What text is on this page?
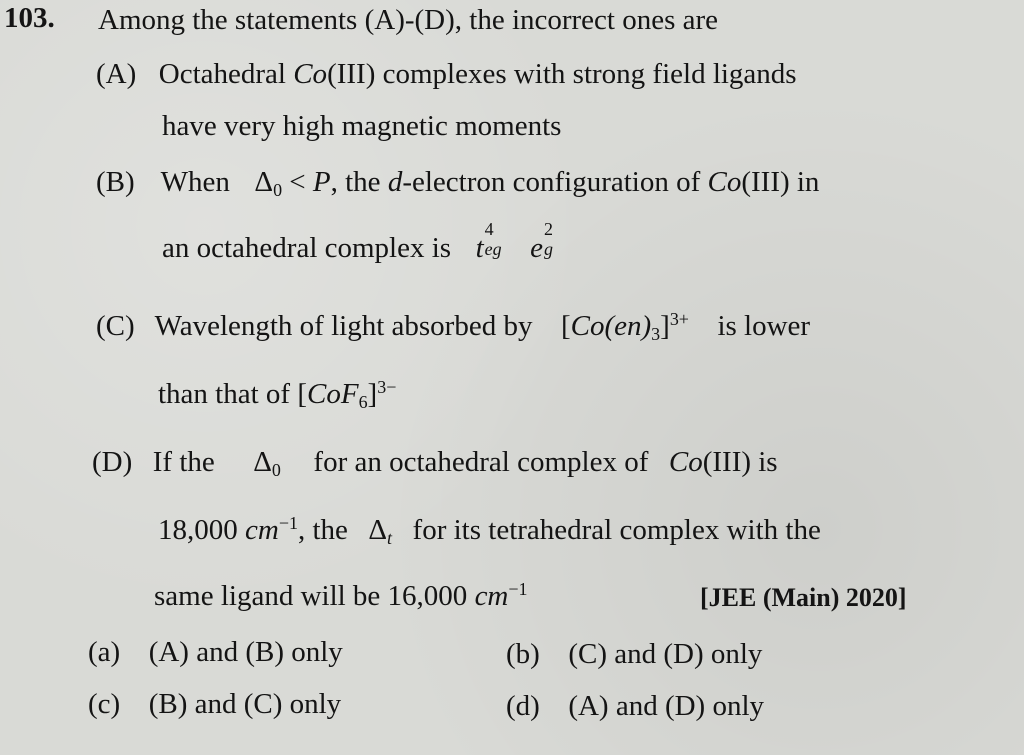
103. Among the statements (A)-(D), the incorrect ones are
(A) Octahedral Co(III) complexes with strong field ligands
have very high magnetic moments
(B) When $\Delta_0 < P$, the d-electron configuration of Co(III) in
an octahedral complex is t
4
eg e
2
g
(C) Wavelength of light absorbed by $[Co(en)_3]^{3+}$ is lower
than that of $[CoF_6]^{3-}$
(D) If the $\Delta_0$ for an octahedral complex of Co(III) is
18,000 $cm^{-1}$, the $\Delta_t$ for its tetrahedral complex with the
same ligand will be 16,000 $cm^{-1}$	[JEE (Main) 2020]
(a) (A) and (B) only	(b) (C) and (D) only
(c) (B) and (C) only	(d) (A) and (D) only
